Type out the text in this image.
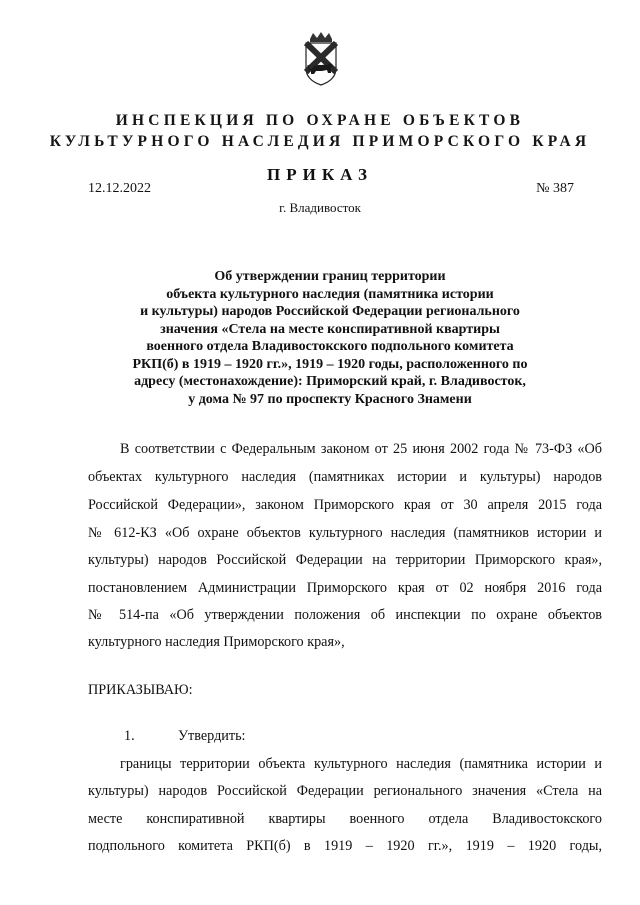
ИНСПЕКЦИЯ ПО ОХРАНЕ ОБЪЕКТОВ
КУЛЬТУРНОГО НАСЛЕДИЯ ПРИМОРСКОГО КРАЯ
ПРИКАЗ
12.12.2022	№ 387
г. Владивосток
Об утверждении границ территории
объекта культурного наследия (памятника истории
и культуры) народов Российской Федерации регионального
значения «Стела на месте конспиративной квартиры
военного отдела Владивостокского подпольного комитета
РКП(б) в 1919 – 1920 гг.», 1919 – 1920 годы, расположенного по
адресу (местонахождение): Приморский край, г. Владивосток,
у дома № 97 по проспекту Красного Знамени
В соответствии с Федеральным законом от 25 июня 2002 года № 73-ФЗ «Об
объектах культурного наследия (памятниках истории и культуры) народов
Российской Федерации», законом Приморского края от 30 апреля 2015 года
№ 612-КЗ «Об охране объектов культурного наследия (памятников истории и
культуры) народов Российской Федерации на территории Приморского края»,
постановлением Администрации Приморского края от 02 ноября 2016 года
№ 514-па «Об утверждении положения об инспекции по охране объектов
культурного наследия Приморского края»,
ПРИКАЗЫВАЮ:
1.	Утвердить:
границы территории объекта культурного наследия (памятника истории и
культуры) народов Российской Федерации регионального значения «Стела на
месте конспиративной квартиры военного отдела Владивостокского
подпольного комитета РКП(б) в 1919 – 1920 гг.», 1919 – 1920 годы,
